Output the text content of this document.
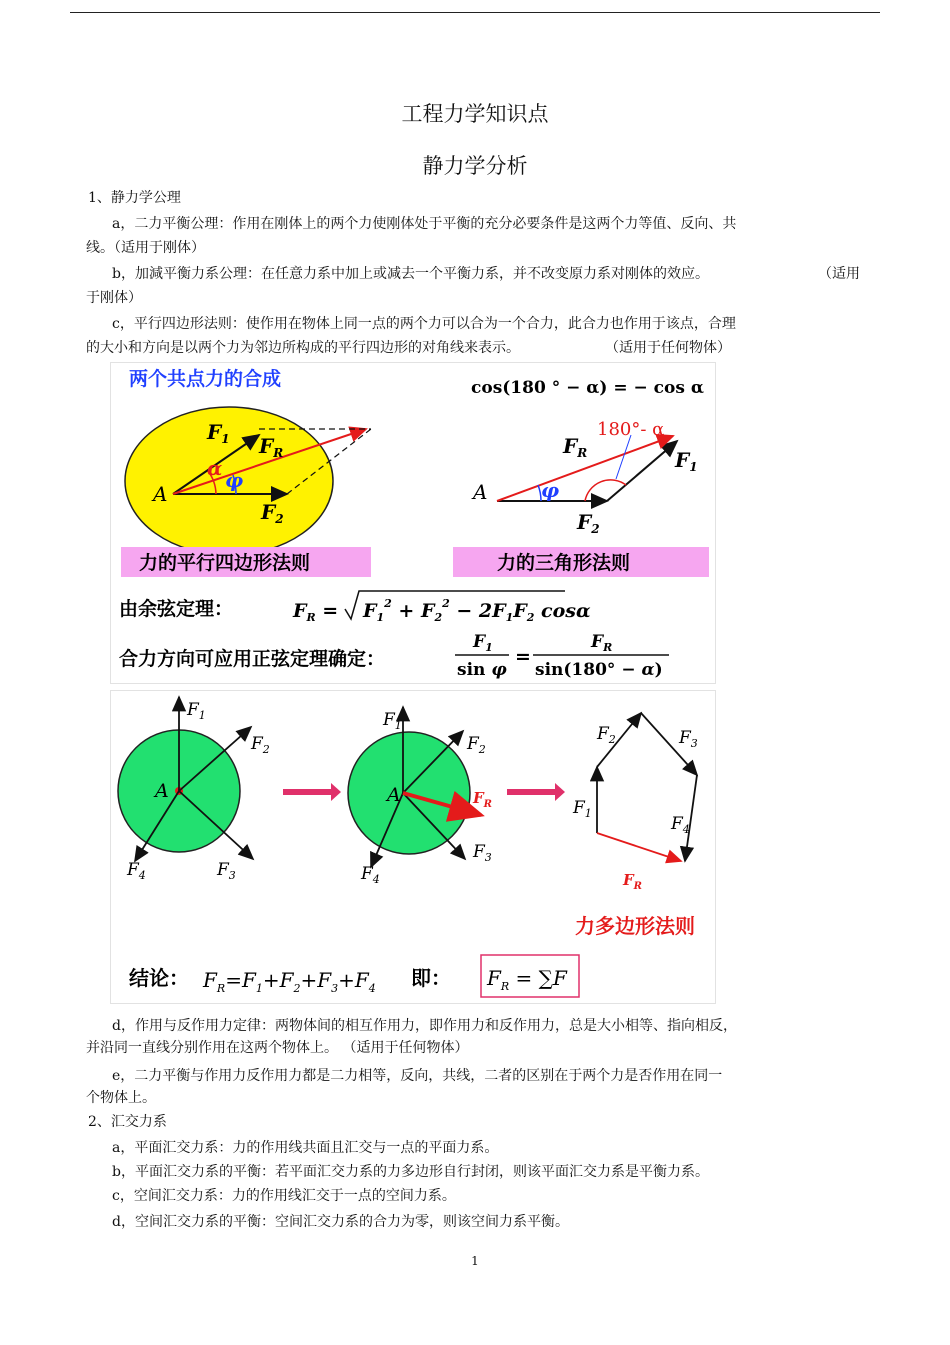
工程力学知识点
静力学分析
1、静力学公理
a，二力平衡公理：作用在刚体上的两个力使刚体处于平衡的充分必要条件是这两个力等值、反向、共
线。（适用于刚体）
b，加減平衡力系公理：在任意力系中加上或减去一个平衡力系，并不改变原力系对刚体的效应。	（适用
于刚体）
c，平行四边形法则：使作用在物体上同一点的两个力可以合为一个合力，此合力也作用于该点，合理
的大小和方向是以两个力为邻边所构成的平行四边形的对角线来表示。	（适用于任何物体）
两个共点力的合成	cos(180 ° − α) = − cos α
A
$F_1$ $F_R$
α φ
$F_2$
A
$F_R$
180°- α
$F_1$
φ
$F_2$
力的平行四边形法则	力的三角形法则
由余弦定理：	$F_R = F_1^2 + F_2^2 - 2F_1F_2$ cosα
合力方向可应用正弦定理确定：
$F_1$
sin φ
=
$F_R$
sin(180° − α)
A
$F_1$
$F_2$
$F_3$
$F_4$
A
$F_1$
$F_2$
$F_3$
$F_4$
$F_R$	$F_1$
$F_2$	$F_3$
$F_4$
$F_R$
力多边形法则
结论： $F_R=F_1+F_2+F_3+F_4$ 即： $F_R = \sum F$
d，作用与反作用力定律：两物体间的相互作用力，即作用力和反作用力，总是大小相等、指向相反，
并沿同一直线分别作用在这两个物体上。 （适用于任何物体）
e，二力平衡与作用力反作用力都是二力相等，反向，共线，二者的区别在于两个力是否作用在同一
个物体上。
2、汇交力系
a，平面汇交力系：力的作用线共面且汇交与一点的平面力系。
b，平面汇交力系的平衡：若平面汇交力系的力多边形自行封闭，则该平面汇交力系是平衡力系。
c，空间汇交力系：力的作用线汇交于一点的空间力系。
d，空间汇交力系的平衡：空间汇交力系的合力为零，则该空间力系平衡。
1
